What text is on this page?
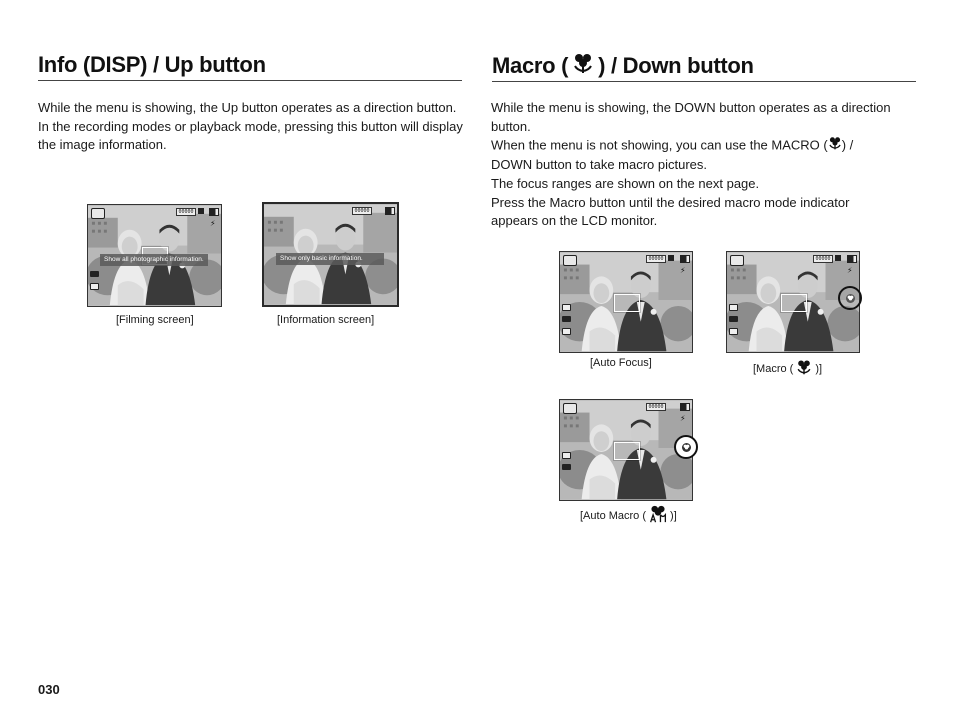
Info (DISP) / Up button

While the menu is showing, the Up button operates as a direction button.

In the recording modes or playback mode, pressing this button will display

the image information.

00000
⚡
Show all photographic information.
[Filming screen]
00000
Show only basic information.
[Information screen]
Macro ( ) / Down button

While the menu is showing, the DOWN button operates as a direction

button.

When the menu is not showing, you can use the MACRO ( ) /

DOWN button to take macro pictures.

The focus ranges are shown on the next page.

Press the Macro button until the desired macro mode indicator

appears on the LCD monitor.

00000
⚡
[Auto Focus]
00000
⚡
[Macro ( )]
00000
⚡
[Auto Macro ( )]
030
